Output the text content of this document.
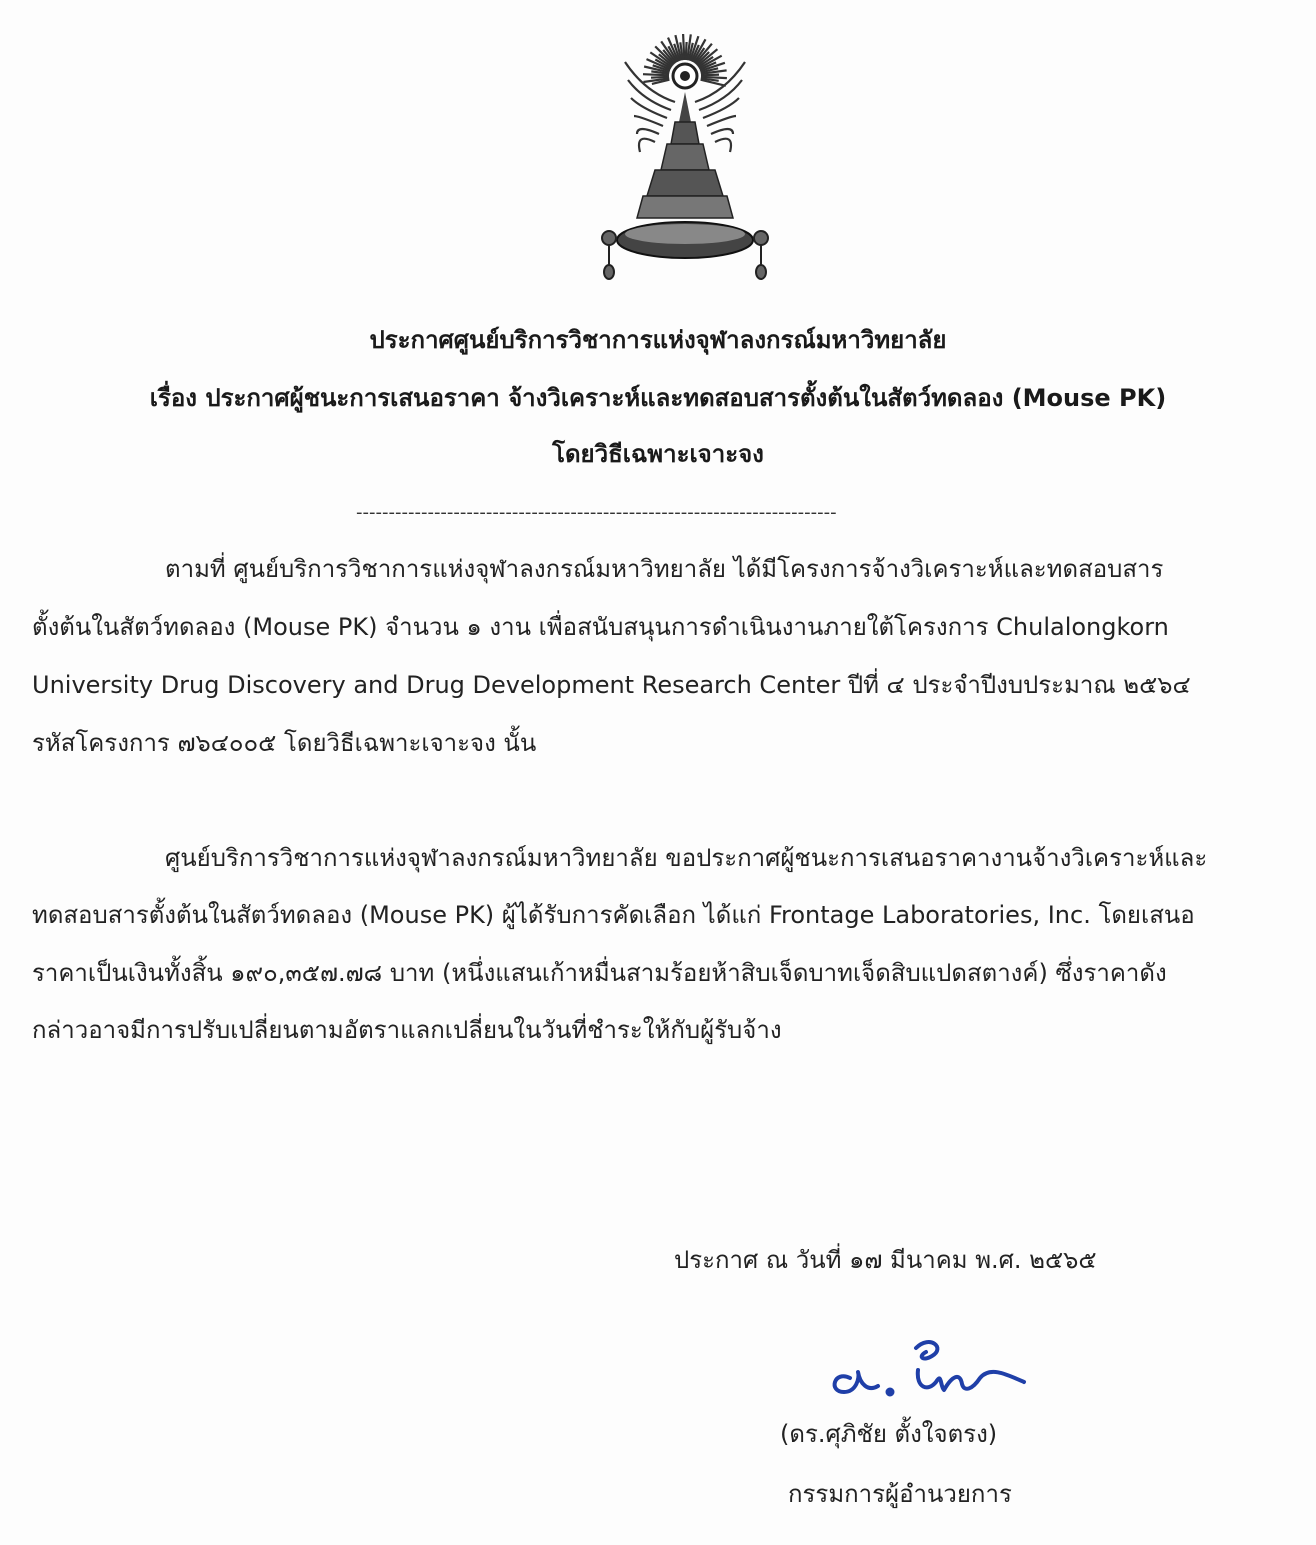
ประกาศศูนย์บริการวิชาการแห่งจุฬาลงกรณ์มหาวิทยาลัย
เรื่อง ประกาศผู้ชนะการเสนอราคา จ้างวิเคราะห์และทดสอบสารตั้งต้นในสัตว์ทดลอง (Mouse PK)
โดยวิธีเฉพาะเจาะจง
--------------------------------------------------------------------------
ตามที่ ศูนย์บริการวิชาการแห่งจุฬาลงกรณ์มหาวิทยาลัย ได้มีโครงการจ้างวิเคราะห์และทดสอบสาร
ตั้งต้นในสัตว์ทดลอง (Mouse PK) จำนวน ๑ งาน เพื่อสนับสนุนการดำเนินงานภายใต้โครงการ Chulalongkorn
University Drug Discovery and Drug Development Research Center ปีที่ ๔ ประจำปีงบประมาณ ๒๕๖๔
รหัสโครงการ ๗๖๔๐๐๕ โดยวิธีเฉพาะเจาะจง นั้น
ศูนย์บริการวิชาการแห่งจุฬาลงกรณ์มหาวิทยาลัย ขอประกาศผู้ชนะการเสนอราคางานจ้างวิเคราะห์และ
ทดสอบสารตั้งต้นในสัตว์ทดลอง (Mouse PK) ผู้ได้รับการคัดเลือก ได้แก่ Frontage Laboratories, Inc. โดยเสนอ
ราคาเป็นเงินทั้งสิ้น ๑๙๐,๓๕๗.๗๘ บาท (หนึ่งแสนเก้าหมื่นสามร้อยห้าสิบเจ็ดบาทเจ็ดสิบแปดสตางค์) ซึ่งราคาดัง
กล่าวอาจมีการปรับเปลี่ยนตามอัตราแลกเปลี่ยนในวันที่ชำระให้กับผู้รับจ้าง
ประกาศ ณ วันที่ ๑๗ มีนาคม พ.ศ. ๒๕๖๕
(ดร.ศุภิชัย ตั้งใจตรง)
กรรมการผู้อำนวยการ
